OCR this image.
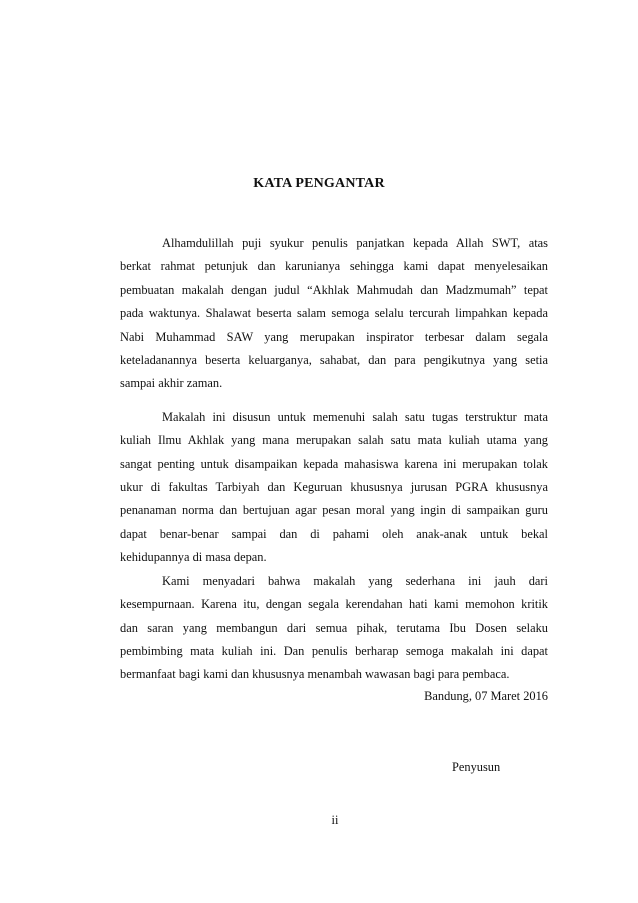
KATA PENGANTAR

Alhamdulillah puji syukur penulis panjatkan kepada Allah SWT, atas
berkat rahmat petunjuk dan karunianya sehingga kami dapat menyelesaikan
pembuatan makalah dengan judul “Akhlak Mahmudah dan Madzmumah” tepat
pada waktunya. Shalawat beserta salam semoga selalu tercurah limpahkan kepada
Nabi Muhammad SAW yang merupakan inspirator terbesar dalam segala
keteladanannya beserta keluarganya, sahabat, dan para pengikutnya yang setia
sampai akhir zaman.

Makalah ini disusun untuk memenuhi salah satu tugas terstruktur mata
kuliah Ilmu Akhlak yang mana merupakan salah satu mata kuliah utama yang
sangat penting untuk disampaikan kepada mahasiswa karena ini merupakan tolak
ukur di fakultas Tarbiyah dan Keguruan khususnya jurusan PGRA khususnya
penanaman norma dan bertujuan agar pesan moral yang ingin di sampaikan guru
dapat benar-benar sampai dan di pahami oleh anak-anak untuk bekal
kehidupannya di masa depan.

Kami menyadari bahwa makalah yang sederhana ini jauh dari
kesempurnaan. Karena itu, dengan segala kerendahan hati kami memohon kritik
dan saran yang membangun dari semua pihak, terutama Ibu Dosen selaku
pembimbing mata kuliah ini. Dan penulis berharap semoga makalah ini dapat
bermanfaat bagi kami dan khususnya menambah wawasan bagi para pembaca.

Bandung, 07 Maret 2016
Penyusun
ii
